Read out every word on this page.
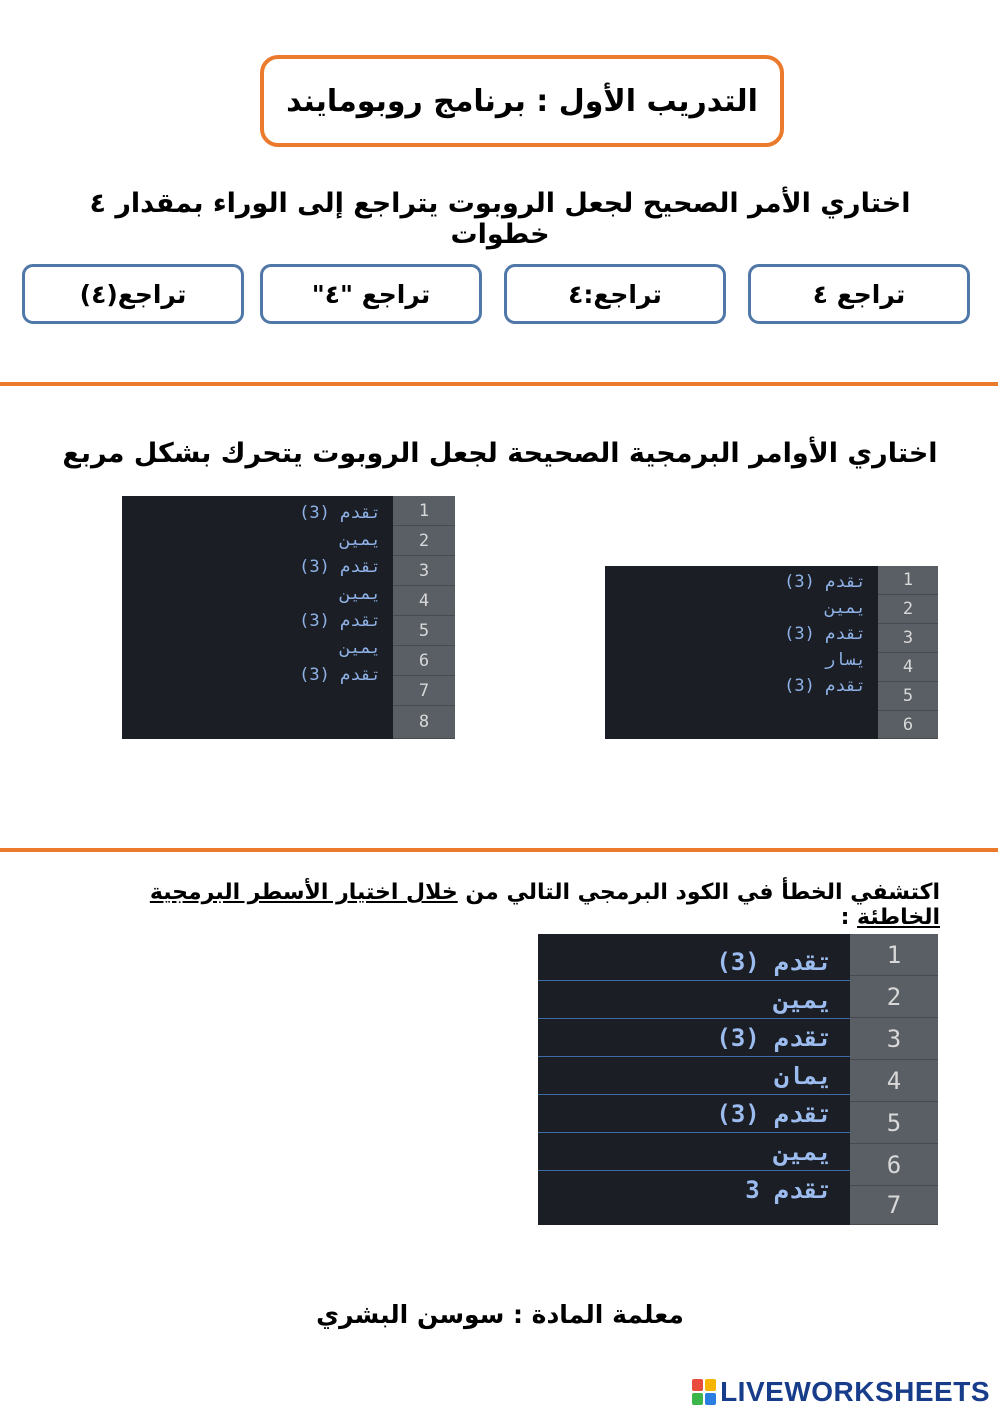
التدريب الأول : برنامج روبومايند
اختاري الأمر الصحيح لجعل الروبوت يتراجع إلى الوراء بمقدار ٤ خطوات
تراجع ٤
تراجع:٤
تراجع "٤"
تراجع(٤)
اختاري الأوامر البرمجية الصحيحة لجعل الروبوت يتحرك بشكل مربع
1
2
3
4
5
6
7
8
تقدم (3)
يمين
تقدم (3)
يمين
تقدم (3)
يمين
تقدم (3)
1
2
3
4
5
6
تقدم (3)
يمين
تقدم (3)
يسار
تقدم (3)
اكتشفي الخطأ في الكود البرمجي التالي من خلال اختيار الأسطر البرمجية الخاطئة :
1
2
3
4
5
6
7
تقدم (3)
يمين
تقدم (3)
يمان
تقدم (3)
يمين
تقدم 3
معلمة المادة : سوسن البشري
LIVEWORKSHEETS
